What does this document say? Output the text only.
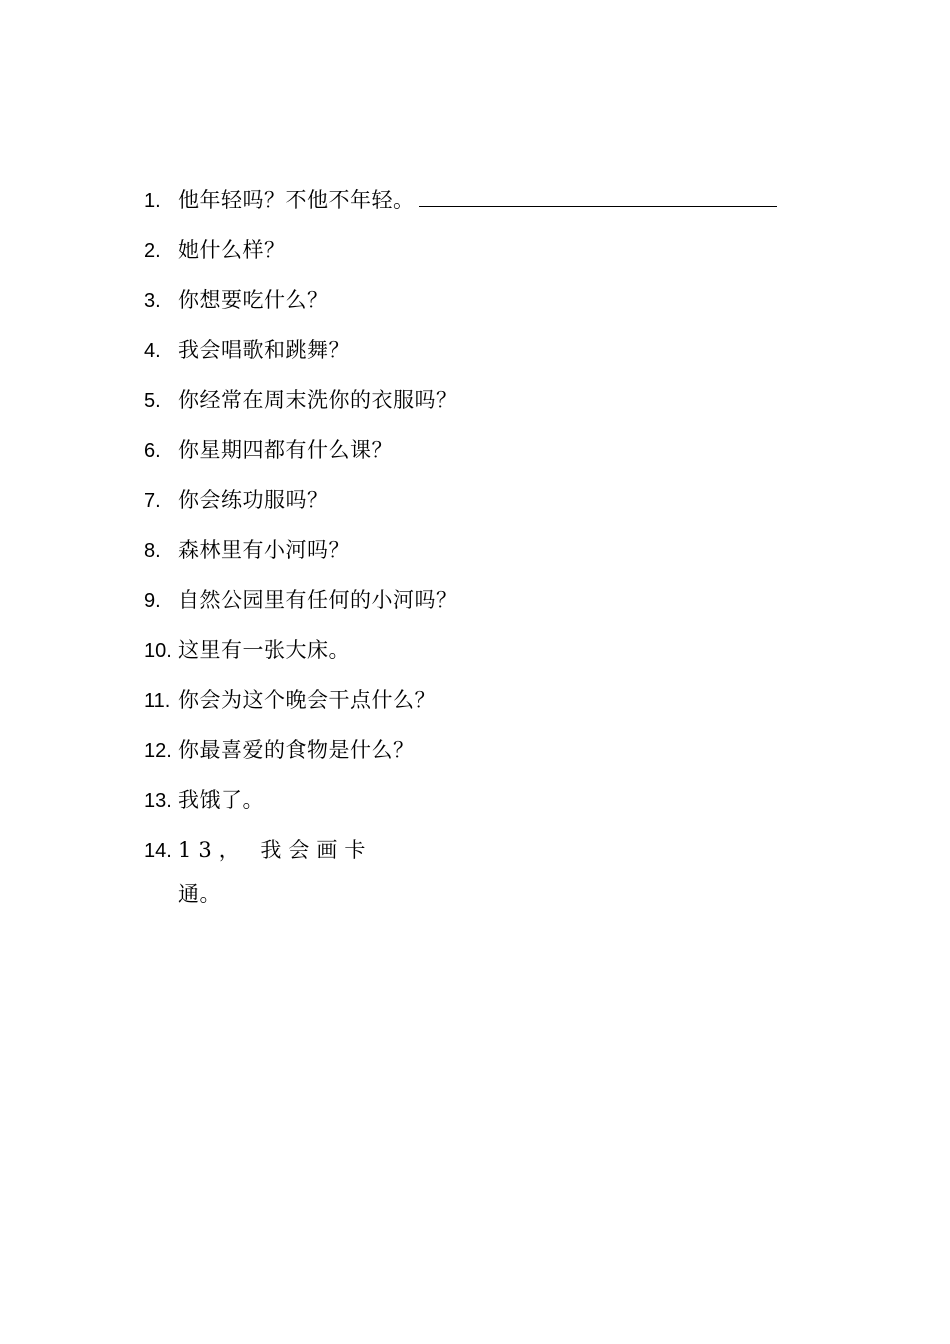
1. 他年轻吗？不他不年轻。
2. 她什么样？
3. 你想要吃什么？
4. 我会唱歌和跳舞？
5. 你经常在周末洗你的衣服吗？
6. 你星期四都有什么课？
7. 你会练功服吗？
8. 森林里有小河吗？
9. 自然公园里有任何的小河吗？
10. 这里有一张大床。
11. 你会为这个晚会干点什么？
12. 你最喜爱的食物是什么？
13. 我饿了。
14. 13， 我会画卡
通。
